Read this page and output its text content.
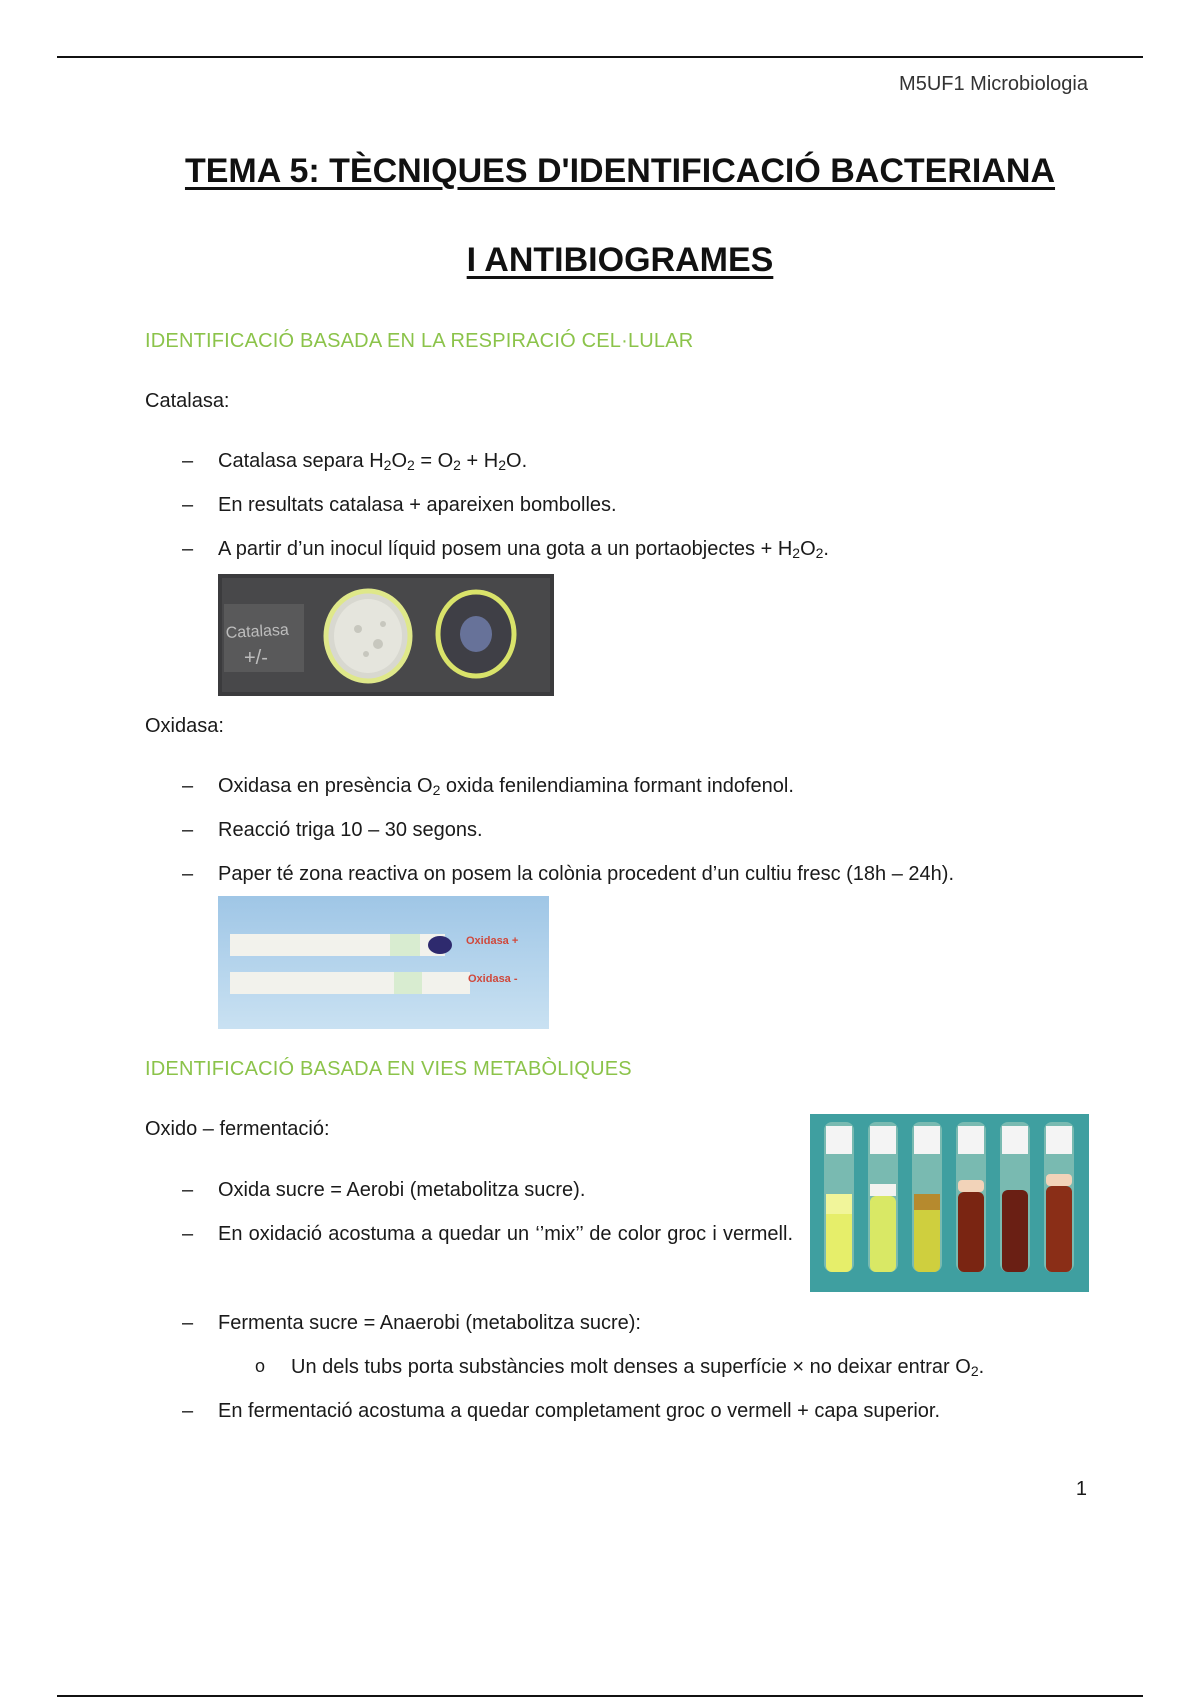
M5UF1 Microbiologia
TEMA 5: TÈCNIQUES D'IDENTIFICACIÓ BACTERIANA
I ANTIBIOGRAMES
IDENTIFICACIÓ BASADA EN LA RESPIRACIÓ CEL·LULAR
Catalasa:
– Catalasa separa $H_2O_2 = O_2 + H_2O$.
– En resultats catalasa + apareixen bombolles.
– A partir d’un inocul líquid posem una gota a un portaobjectes + $H_2O_2$.
Catalasa
+/-
Oxidasa:
– Oxidasa en presència $O_2$ oxida fenilendiamina formant indofenol.
– Reacció triga 10 – 30 segons.
– Paper té zona reactiva on posem la colònia procedent d’un cultiu fresc (18h – 24h).
Oxidasa +
Oxidasa -
IDENTIFICACIÓ BASADA EN VIES METABÒLIQUES
Oxido – fermentació:
– Oxida sucre = Aerobi (metabolitza sucre).
– En oxidació acostuma a quedar un ‘’mix’’ de color groc i vermell.
– Fermenta sucre = Anaerobi (metabolitza sucre):
o Un dels tubs porta substàncies molt denses a superfície × no deixar entrar $O_2$.
– En fermentació acostuma a quedar completament groc o vermell + capa superior.
1
